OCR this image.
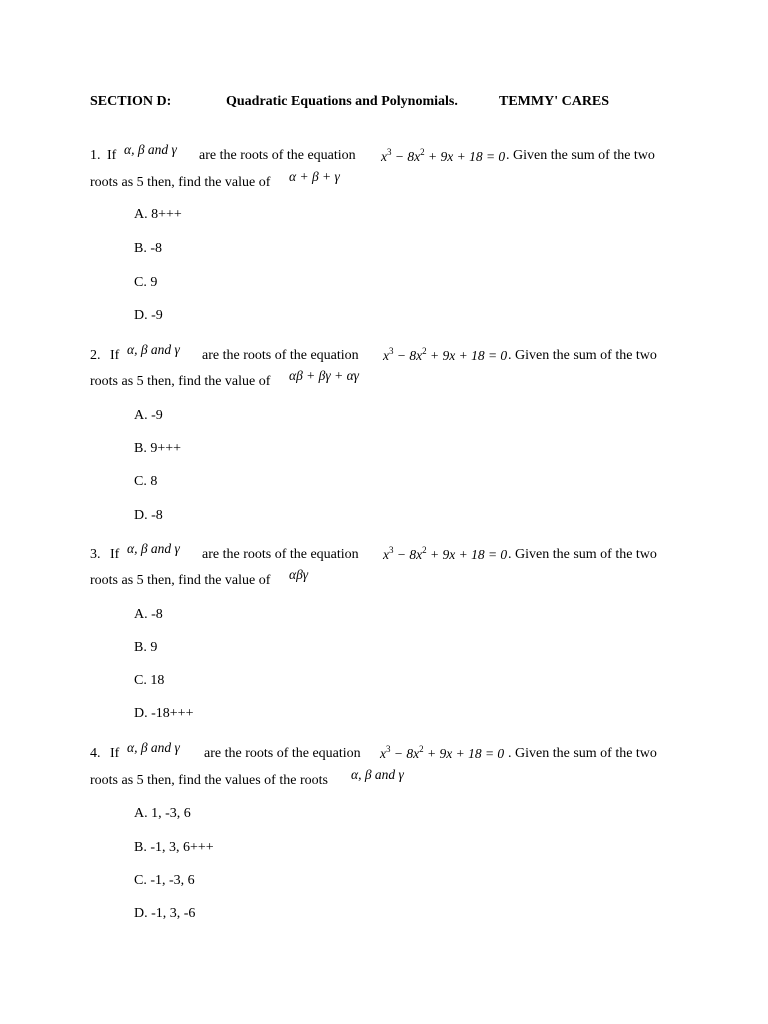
SECTION D:	Quadratic Equations and Polynomials.	TEMMY' CARES
1. If α, β and γ are the roots of the equation $x^3 - 8x^2 + 9x + 18 = 0$ . Given the sum of the two
roots as 5 then, find the value of α + β + γ
A. 8+++
B. -8
C. 9
D. -9
2. If α, β and γ are the roots of the equation $x^3 - 8x^2 + 9x + 18 = 0$ . Given the sum of the two
roots as 5 then, find the value of αβ + βγ + αγ
A. -9
B. 9+++
C. 8
D. -8
3. If α, β and γ are the roots of the equation $x^3 - 8x^2 + 9x + 18 = 0$ . Given the sum of the two
roots as 5 then, find the value of αβγ
A. -8
B. 9
C. 18
D. -18+++
4. If α, β and γ are the roots of the equation $x^3 - 8x^2 + 9x + 18 = 0$ . Given the sum of the two
roots as 5 then, find the values of the roots α, β and γ
A. 1, -3, 6
B. -1, 3, 6+++
C. -1, -3, 6
D. -1, 3, -6
